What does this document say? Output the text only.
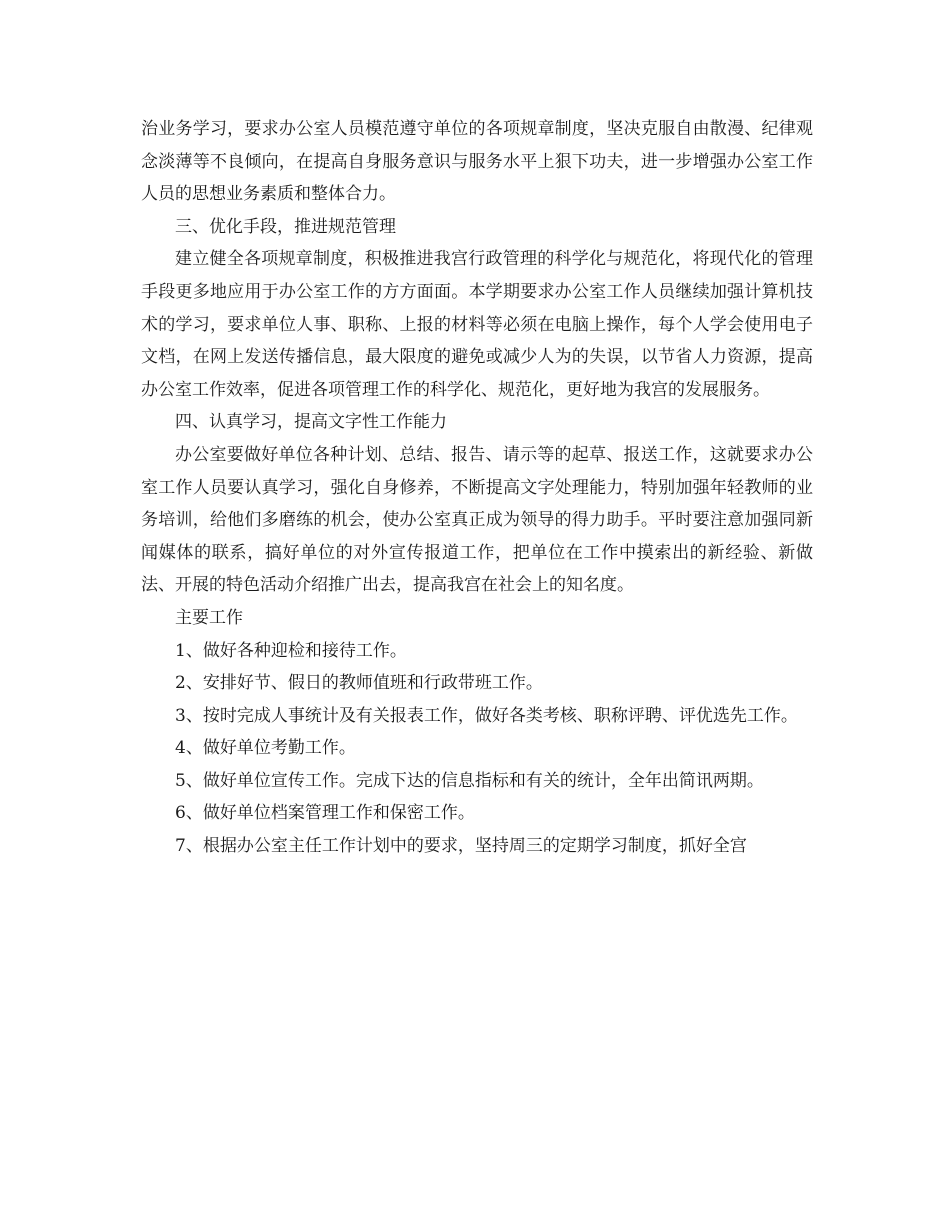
治业务学习，要求办公室人员模范遵守单位的各项规章制度，坚决克服自由散漫、纪律观念淡薄等不良倾向，在提高自身服务意识与服务水平上狠下功夫，进一步增强办公室工作人员的思想业务素质和整体合力。

三、优化手段，推进规范管理

建立健全各项规章制度，积极推进我宫行政管理的科学化与规范化，将现代化的管理手段更多地应用于办公室工作的方方面面。本学期要求办公室工作人员继续加强计算机技术的学习，要求单位人事、职称、上报的材料等必须在电脑上操作，每个人学会使用电子文档，在网上发送传播信息，最大限度的避免或减少人为的失误，以节省人力资源，提高办公室工作效率，促进各项管理工作的科学化、规范化，更好地为我宫的发展服务。

四、认真学习，提高文字性工作能力

办公室要做好单位各种计划、总结、报告、请示等的起草、报送工作，这就要求办公室工作人员要认真学习，强化自身修养，不断提高文字处理能力，特别加强年轻教师的业务培训，给他们多磨练的机会，使办公室真正成为领导的得力助手。平时要注意加强同新闻媒体的联系，搞好单位的对外宣传报道工作，把单位在工作中摸索出的新经验、新做法、开展的特色活动介绍推广出去，提高我宫在社会上的知名度。

主要工作

1、做好各种迎检和接待工作。

2、安排好节、假日的教师值班和行政带班工作。

3、按时完成人事统计及有关报表工作，做好各类考核、职称评聘、评优选先工作。

4、做好单位考勤工作。

5、做好单位宣传工作。完成下达的信息指标和有关的统计，全年出简讯两期。

6、做好单位档案管理工作和保密工作。

7、根据办公室主任工作计划中的要求，坚持周三的定期学习制度，抓好全宫
